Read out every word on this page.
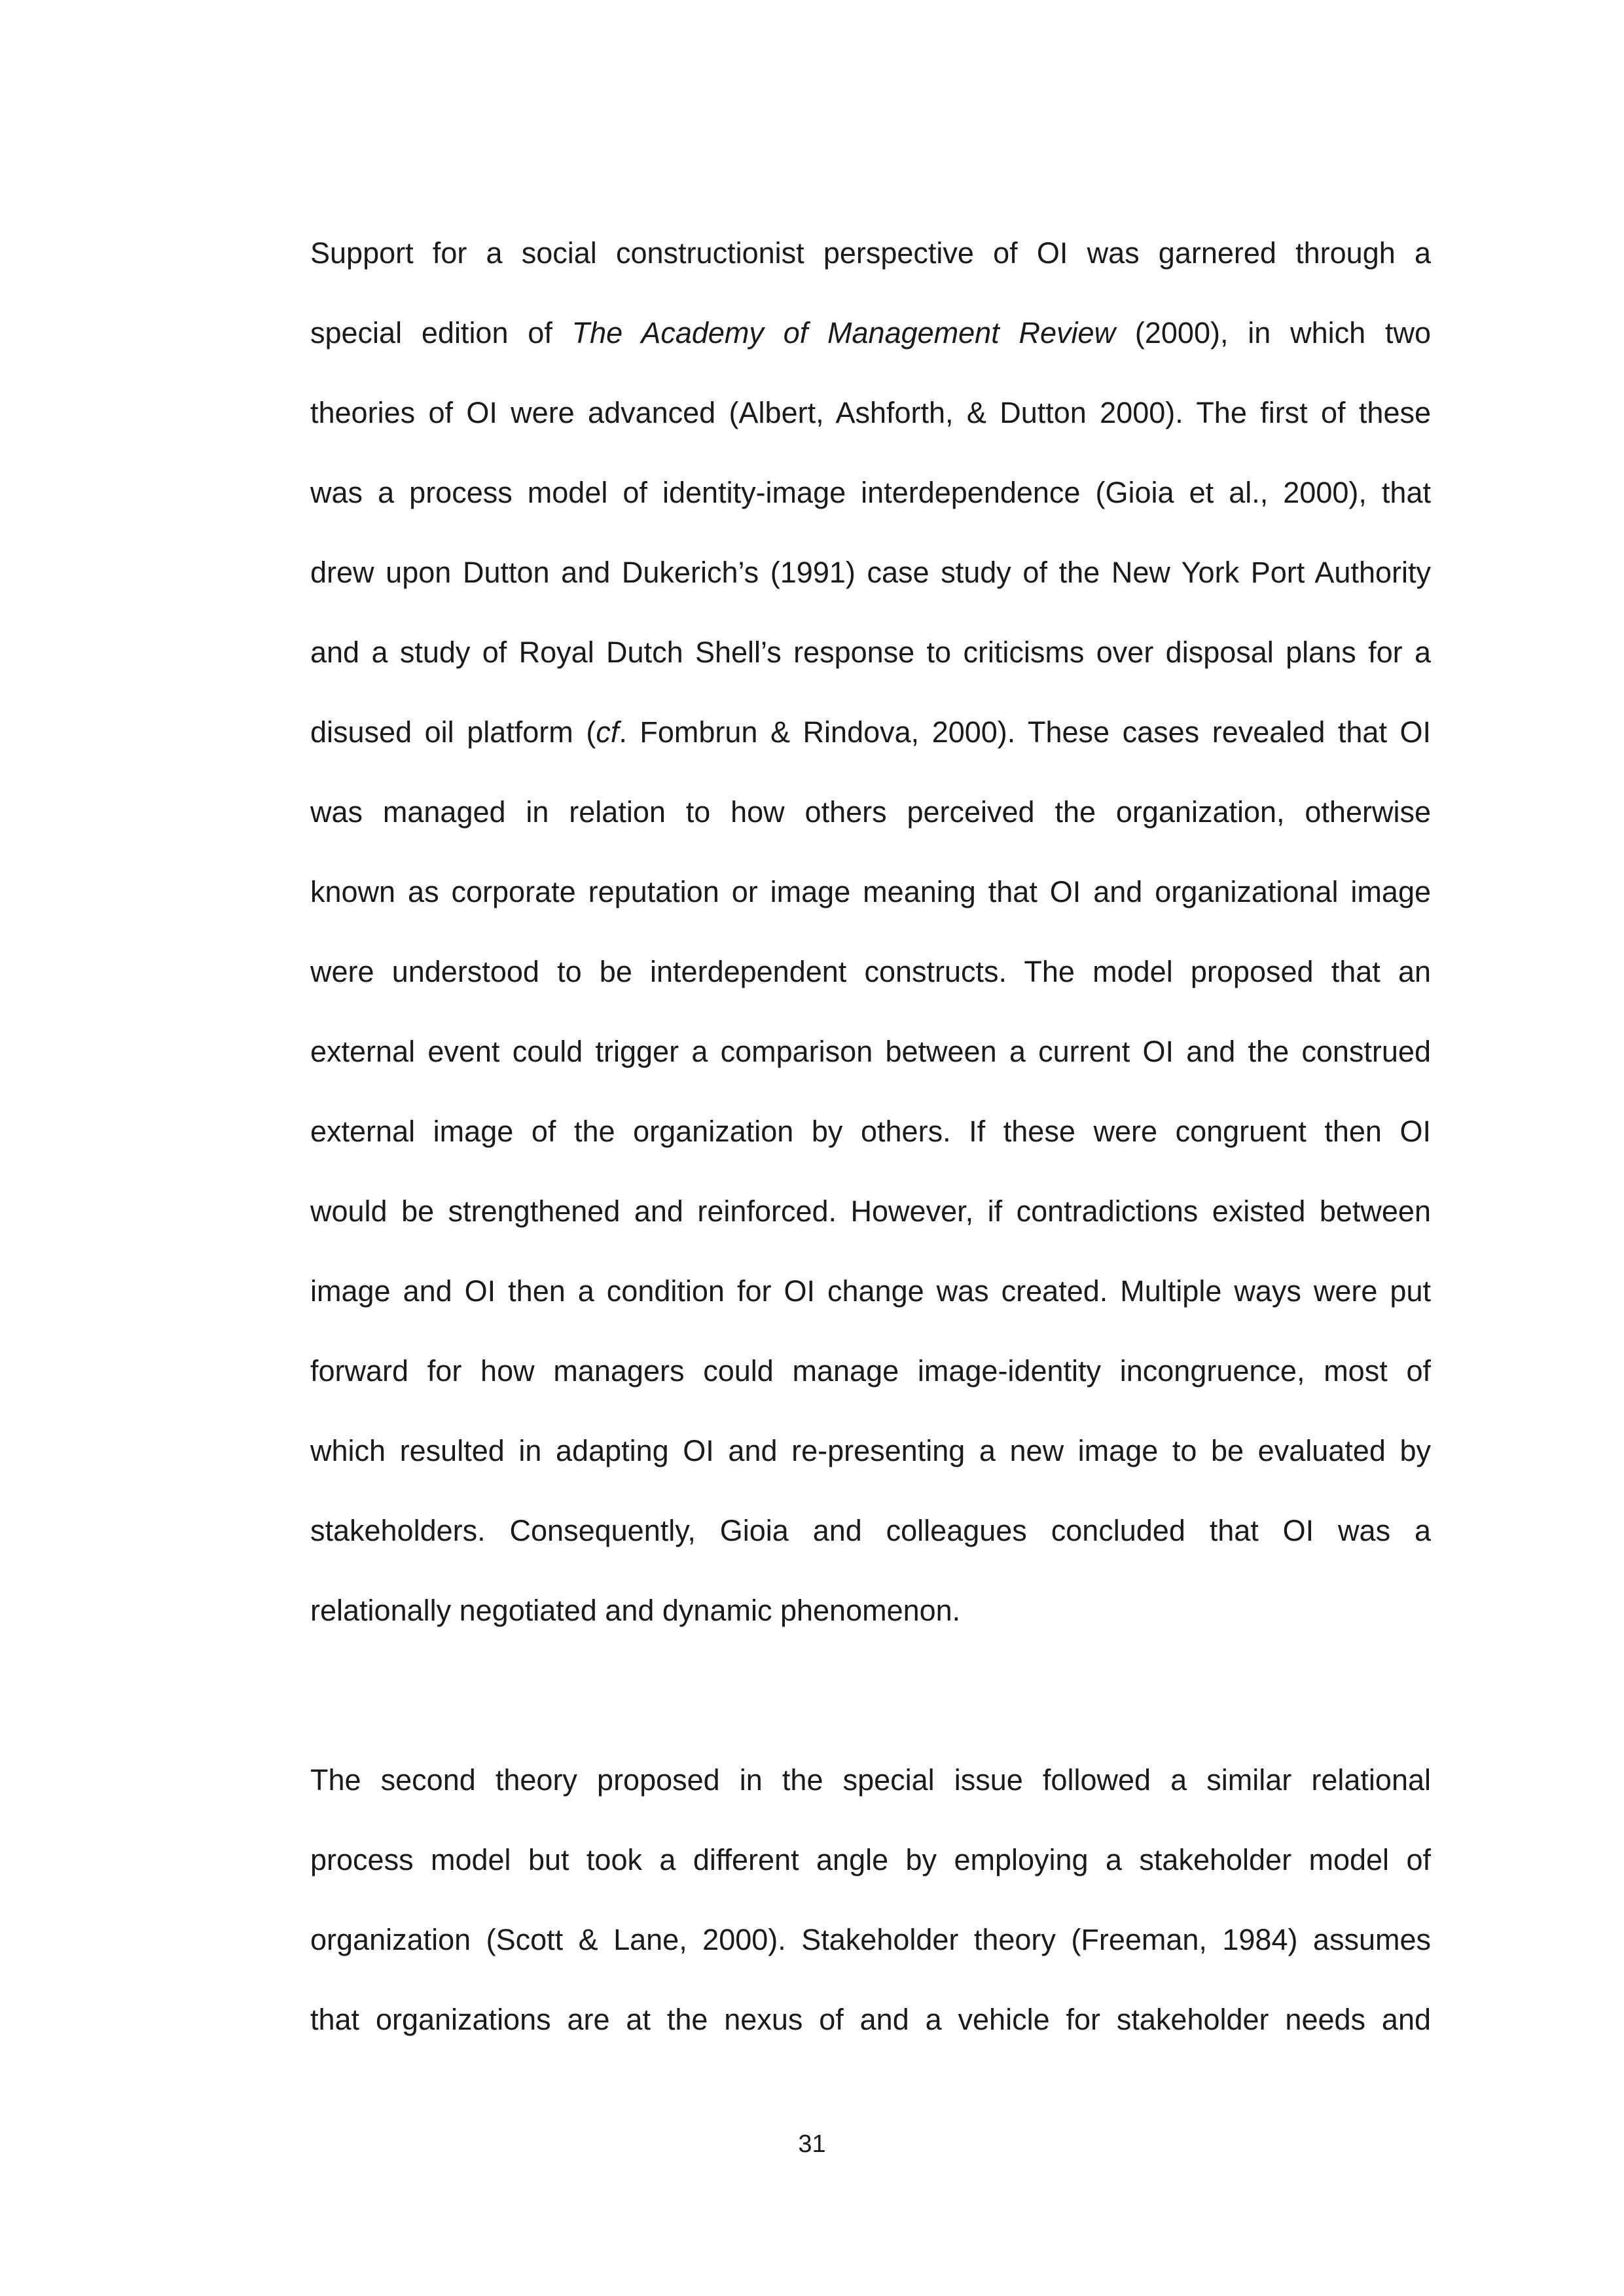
Support for a social constructionist perspective of OI was garnered through a
special edition of The Academy of Management Review (2000), in which two
theories of OI were advanced (Albert, Ashforth, & Dutton 2000). The first of these
was a process model of identity-image interdependence (Gioia et al., 2000), that
drew upon Dutton and Dukerich’s (1991) case study of the New York Port Authority
and a study of Royal Dutch Shell’s response to criticisms over disposal plans for a
disused oil platform (cf. Fombrun & Rindova, 2000). These cases revealed that OI
was managed in relation to how others perceived the organization, otherwise
known as corporate reputation or image meaning that OI and organizational image
were understood to be interdependent constructs. The model proposed that an
external event could trigger a comparison between a current OI and the construed
external image of the organization by others. If these were congruent then OI
would be strengthened and reinforced. However, if contradictions existed between
image and OI then a condition for OI change was created. Multiple ways were put
forward for how managers could manage image-identity incongruence, most of
which resulted in adapting OI and re-presenting a new image to be evaluated by
stakeholders. Consequently, Gioia and colleagues concluded that OI was a
relationally negotiated and dynamic phenomenon.
The second theory proposed in the special issue followed a similar relational
process model but took a different angle by employing a stakeholder model of
organization (Scott & Lane, 2000). Stakeholder theory (Freeman, 1984) assumes
that organizations are at the nexus of and a vehicle for stakeholder needs and
31
